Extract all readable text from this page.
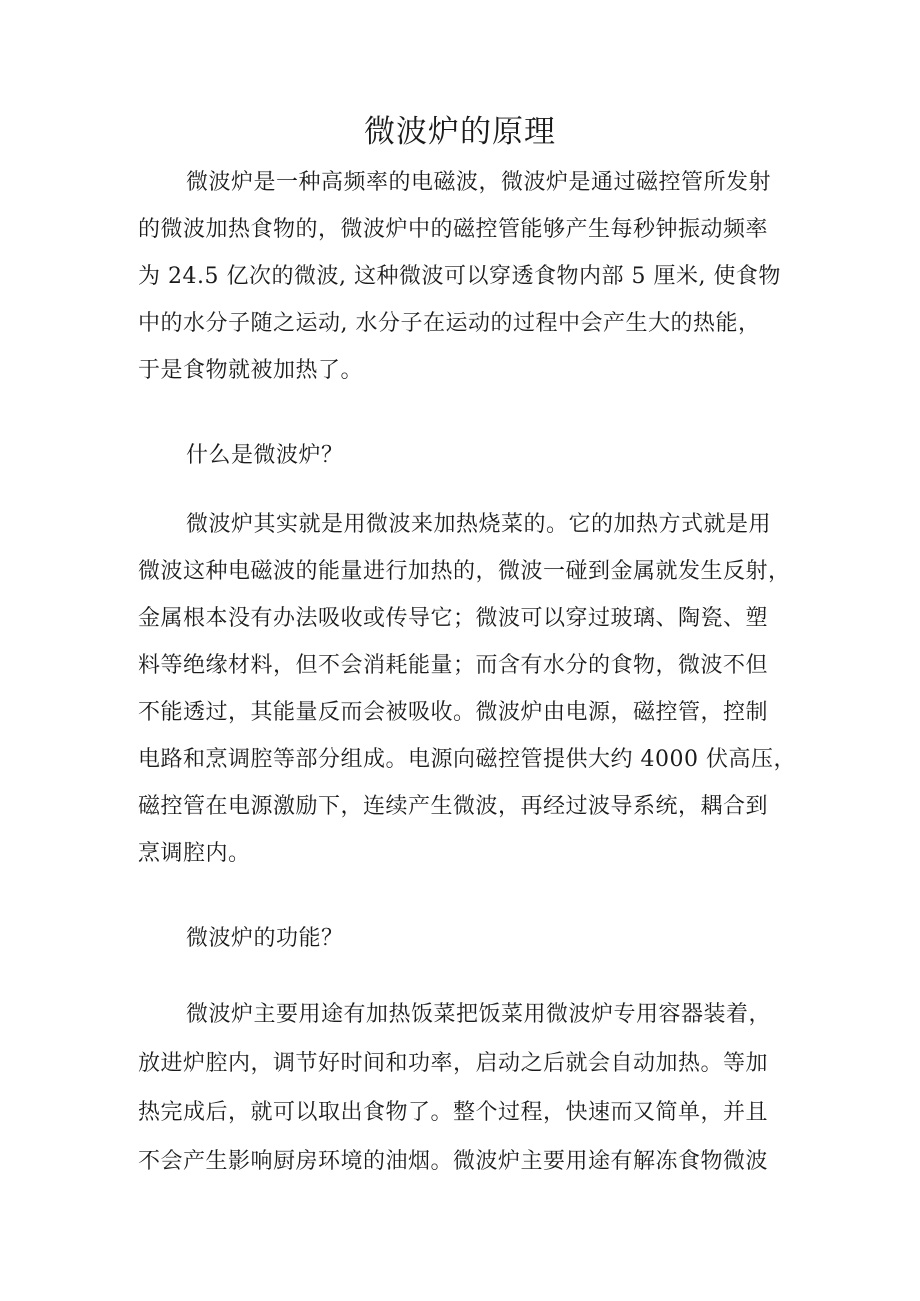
微波炉的原理

微波炉是一种高频率的电磁波，微波炉是通过磁控管所发射

的微波加热食物的，微波炉中的磁控管能够产生每秒钟振动频率

为 24.5 亿次的微波, 这种微波可以穿透食物内部 5 厘米, 使食物

中的水分子随之运动, 水分子在运动的过程中会产生大的热能，

于是食物就被加热了。

什么是微波炉？

微波炉其实就是用微波来加热烧菜的。它的加热方式就是用

微波这种电磁波的能量进行加热的，微波一碰到金属就发生反射，

金属根本没有办法吸收或传导它；微波可以穿过玻璃、陶瓷、塑

料等绝缘材料，但不会消耗能量；而含有水分的食物，微波不但

不能透过，其能量反而会被吸收。微波炉由电源，磁控管，控制

电路和烹调腔等部分组成。电源向磁控管提供大约 4000 伏高压，

磁控管在电源激励下，连续产生微波，再经过波导系统，耦合到

烹调腔内。

微波炉的功能？

微波炉主要用途有加热饭菜把饭菜用微波炉专用容器装着，

放进炉腔内，调节好时间和功率，启动之后就会自动加热。等加

热完成后，就可以取出食物了。整个过程，快速而又简单，并且

不会产生影响厨房环境的油烟。微波炉主要用途有解冻食物微波
